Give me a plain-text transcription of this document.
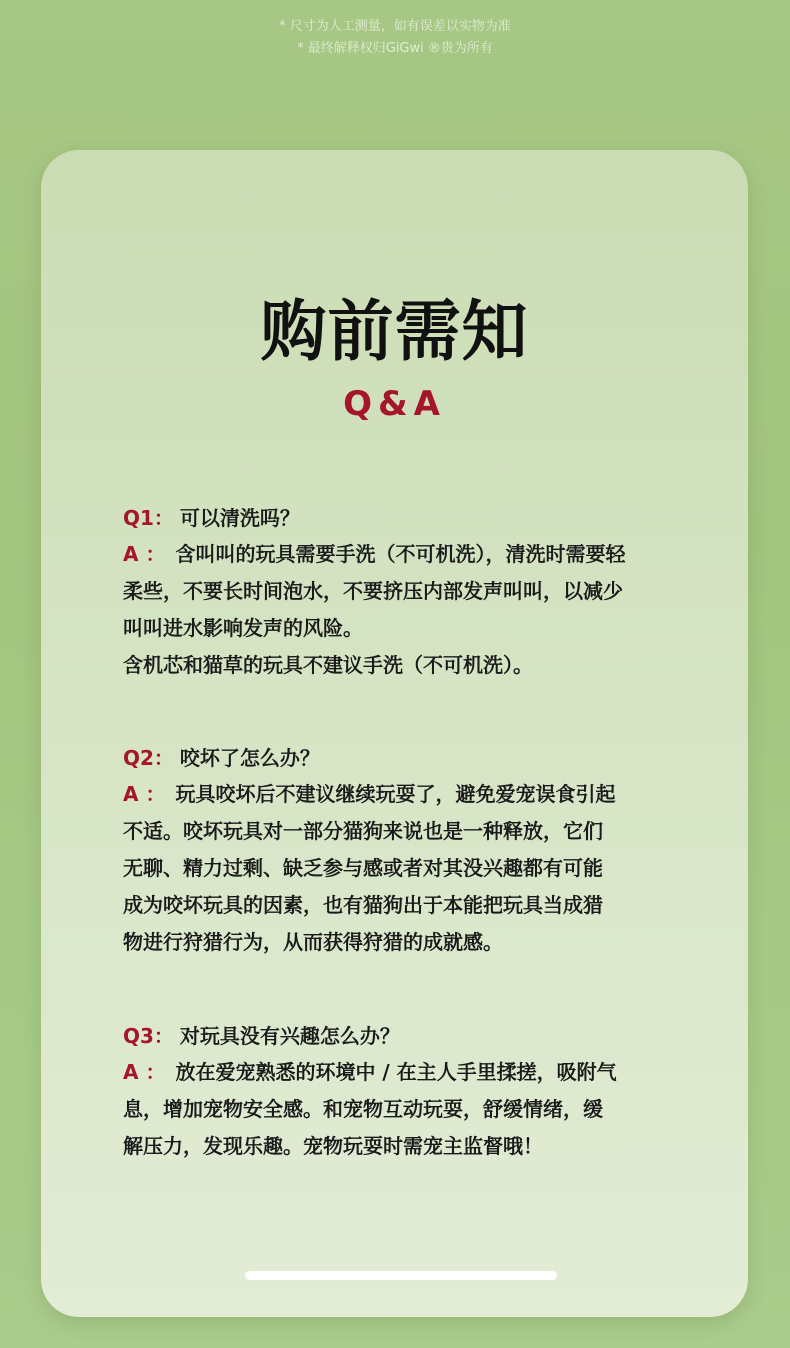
* 尺寸为人工测量，如有误差以实物为准
* 最终解释权归GiGwi ®贵为所有
购前需知
Q&A
Q1： 可以清洗吗？
A ： 含叫叫的玩具需要手洗（不可机洗），清洗时需要轻
柔些，不要长时间泡水，不要挤压内部发声叫叫，以减少
叫叫进水影响发声的风险。
含机芯和猫草的玩具不建议手洗（不可机洗）。
Q2： 咬坏了怎么办？
A ： 玩具咬坏后不建议继续玩耍了，避免爱宠误食引起
不适。咬坏玩具对一部分猫狗来说也是一种释放，它们
无聊、精力过剩、缺乏参与感或者对其没兴趣都有可能
成为咬坏玩具的因素，也有猫狗出于本能把玩具当成猎
物进行狩猎行为，从而获得狩猎的成就感。
Q3： 对玩具没有兴趣怎么办？
A ： 放在爱宠熟悉的环境中 / 在主人手里揉搓，吸附气
息，增加宠物安全感。和宠物互动玩耍，舒缓情绪，缓
解压力，发现乐趣。宠物玩耍时需宠主监督哦！
